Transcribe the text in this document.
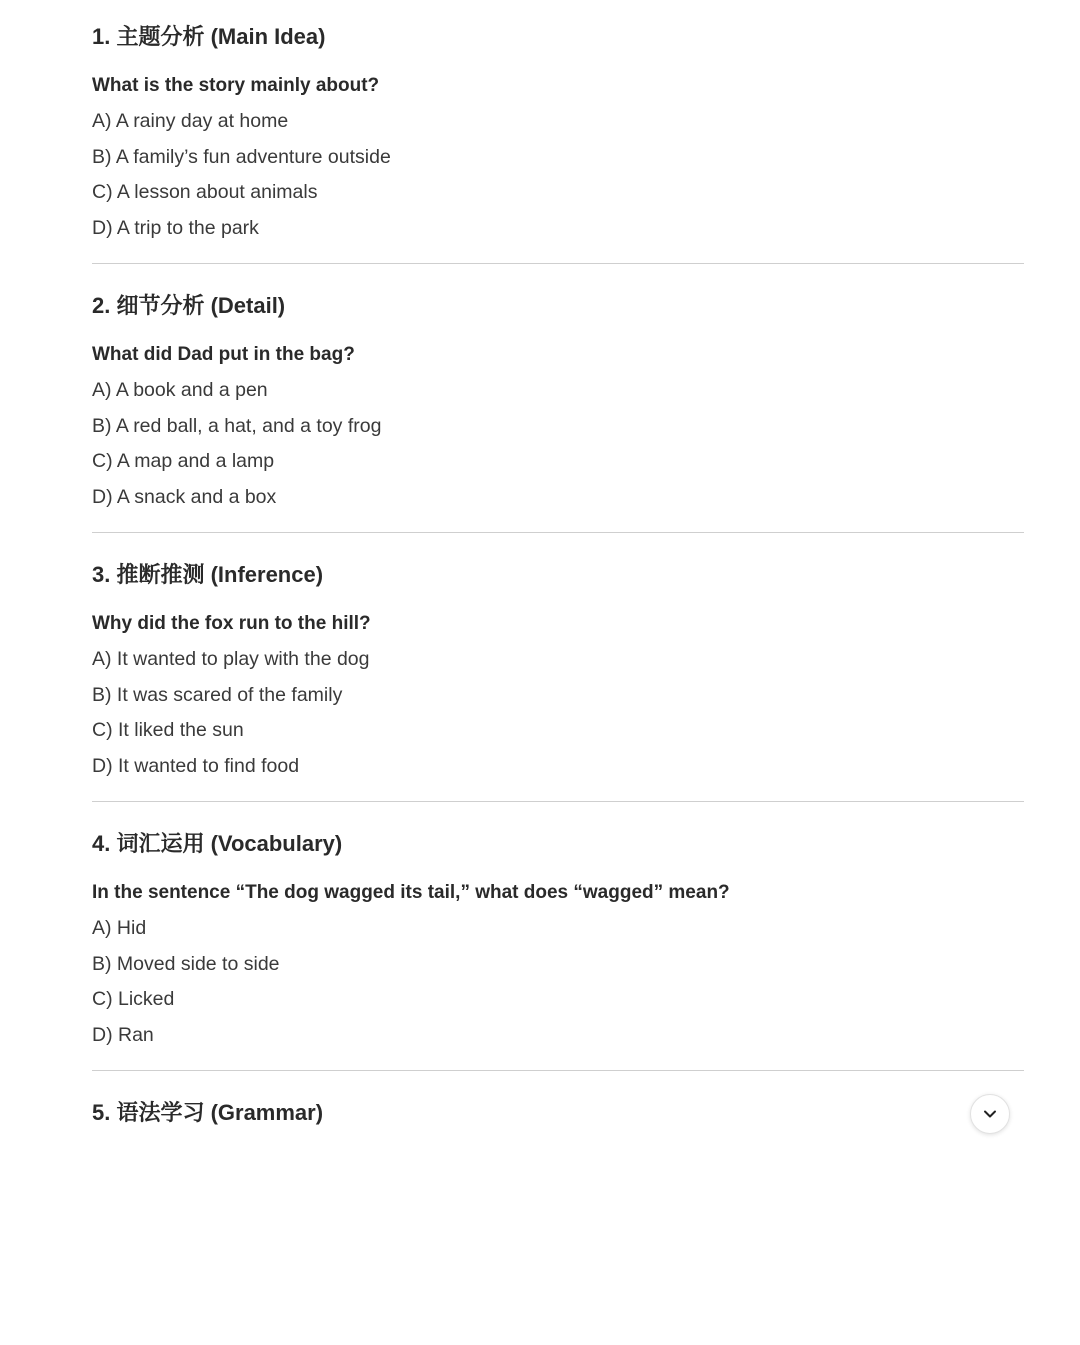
1. 主题分析 (Main Idea)
What is the story mainly about?
A) A rainy day at home
B) A family’s fun adventure outside
C) A lesson about animals
D) A trip to the park
2. 细节分析 (Detail)
What did Dad put in the bag?
A) A book and a pen
B) A red ball, a hat, and a toy frog
C) A map and a lamp
D) A snack and a box
3. 推断推测 (Inference)
Why did the fox run to the hill?
A) It wanted to play with the dog
B) It was scared of the family
C) It liked the sun
D) It wanted to find food
4. 词汇运用 (Vocabulary)
In the sentence “The dog wagged its tail,” what does “wagged” mean?
A) Hid
B) Moved side to side
C) Licked
D) Ran
5. 语法学习 (Grammar)
